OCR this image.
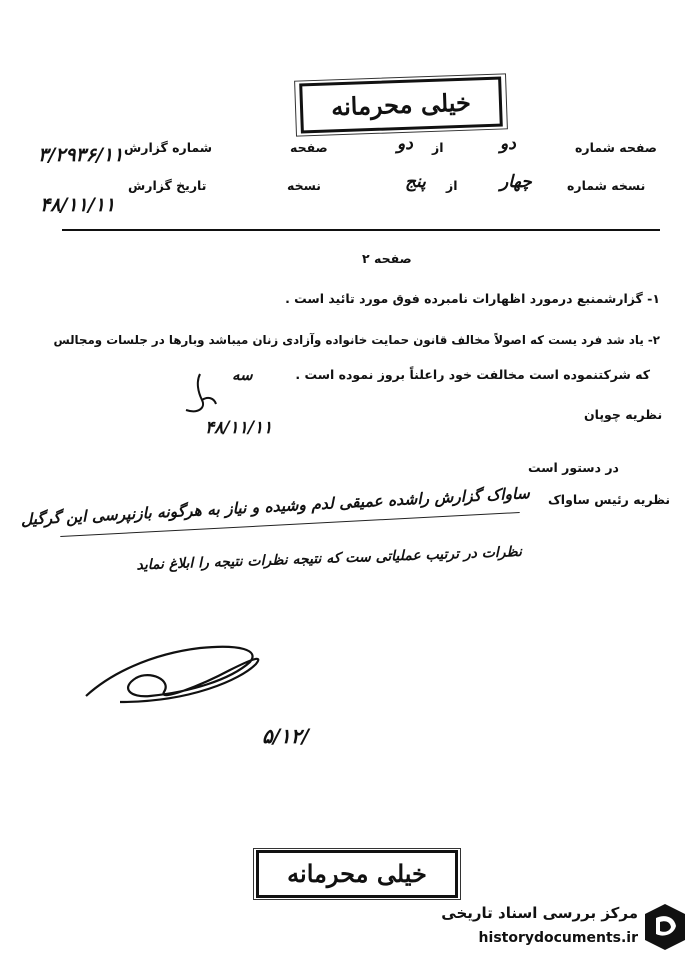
خیلی محرمانه
صفحه شماره
دو
از
دو
صفحه
شماره گزارش
۳/۲۹۳۶/۱۱
نسخه شماره
چهار
از
پنج
نسخه
تاریخ گزارش
۴۸/۱۱/۱۱
صفحه ۲
۱- گزارشمنبع درمورد اظهارات نامبرده فوق مورد تائید است .
۲- یاد شد فرد یست که اصولاً مخالف قانون حمایت خانواده وآزادی زنان میباشد وبارها در جلسات ومجالس
که شرکتنموده است مخالفت خود راعلناً بروز نموده است .
سه
نظریه چوپان
۴۸/۱۱/۱۱
در دستور است
نظریه رئیس ساواک
ساواک گزارش راشده عمیقی لدم وشیده و نیاز به هرگونه بازنپرسی این گرگیل
نظرات در ترتیب عملیاتی ست که نتیجه نظرات نتیجه را ابلاغ نماید
۵/۱۲/
خیلی محرمانه
مرکز بررسی اسناد تاریخی
historydocuments.ir
